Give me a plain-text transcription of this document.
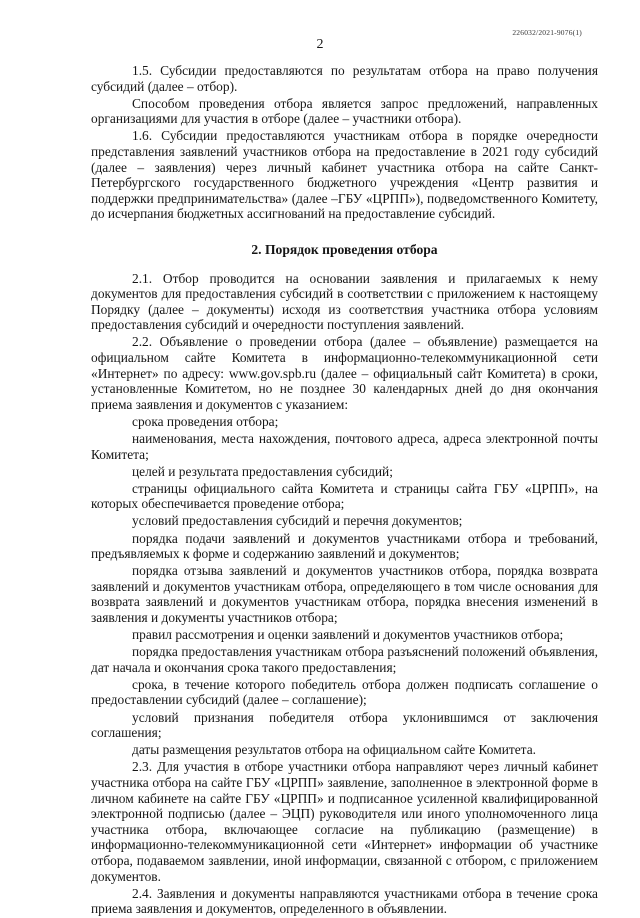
226032/2021-9076(1)
2

1.5. Субсидии предоставляются по результатам отбора на право получения субсидий (далее – отбор).

Способом проведения отбора является запрос предложений, направленных организациями для участия в отборе (далее – участники отбора).

1.6. Субсидии предоставляются участникам отбора в порядке очередности представления заявлений участников отбора на предоставление в 2021 году субсидий (далее – заявления) через личный кабинет участника отбора на сайте Санкт-Петербургского государственного бюджетного учреждения «Центр развития и поддержки предпринимательства» (далее –ГБУ «ЦРПП»), подведомственного Комитету, до исчерпания бюджетных ассигнований на предоставление субсидий.

2. Порядок проведения отбора

2.1. Отбор проводится на основании заявления и прилагаемых к нему документов для предоставления субсидий в соответствии с приложением к настоящему Порядку (далее – документы) исходя из соответствия участника отбора условиям предоставления субсидий и очередности поступления заявлений.

2.2. Объявление о проведении отбора (далее – объявление) размещается на официальном сайте Комитета в информационно-телекоммуникационной сети «Интернет» по адресу: www.gov.spb.ru (далее – официальный сайт Комитета) в сроки, установленные Комитетом, но не позднее 30 календарных дней до дня окончания приема заявления и документов с указанием:

срока проведения отбора;

наименования, места нахождения, почтового адреса, адреса электронной почты Комитета;

целей и результата предоставления субсидий;

страницы официального сайта Комитета и страницы сайта ГБУ «ЦРПП», на которых обеспечивается проведение отбора;

условий предоставления субсидий и перечня документов;

порядка подачи заявлений и документов участниками отбора и требований, предъявляемых к форме и содержанию заявлений и документов;

порядка отзыва заявлений и документов участников отбора, порядка возврата заявлений и документов участникам отбора, определяющего в том числе основания для возврата заявлений и документов участникам отбора, порядка внесения изменений в заявления и документы участников отбора;

правил рассмотрения и оценки заявлений и документов участников отбора;

порядка предоставления участникам отбора разъяснений положений объявления, дат начала и окончания срока такого предоставления;

срока, в течение которого победитель отбора должен подписать соглашение о предоставлении субсидий (далее – соглашение);

условий признания победителя отбора уклонившимся от заключения соглашения;

даты размещения результатов отбора на официальном сайте Комитета.

2.3. Для участия в отборе участники отбора направляют через личный кабинет участника отбора на сайте ГБУ «ЦРПП» заявление, заполненное в электронной форме в личном кабинете на сайте ГБУ «ЦРПП» и подписанное усиленной квалифицированной электронной подписью (далее – ЭЦП) руководителя или иного уполномоченного лица участника отбора, включающее согласие на публикацию (размещение) в информационно-телекоммуникационной сети «Интернет» информации об участнике отбора, подаваемом заявлении, иной информации, связанной с отбором, с приложением документов.

2.4. Заявления и документы направляются участниками отбора в течение срока приема заявления и документов, определенного в объявлении.
